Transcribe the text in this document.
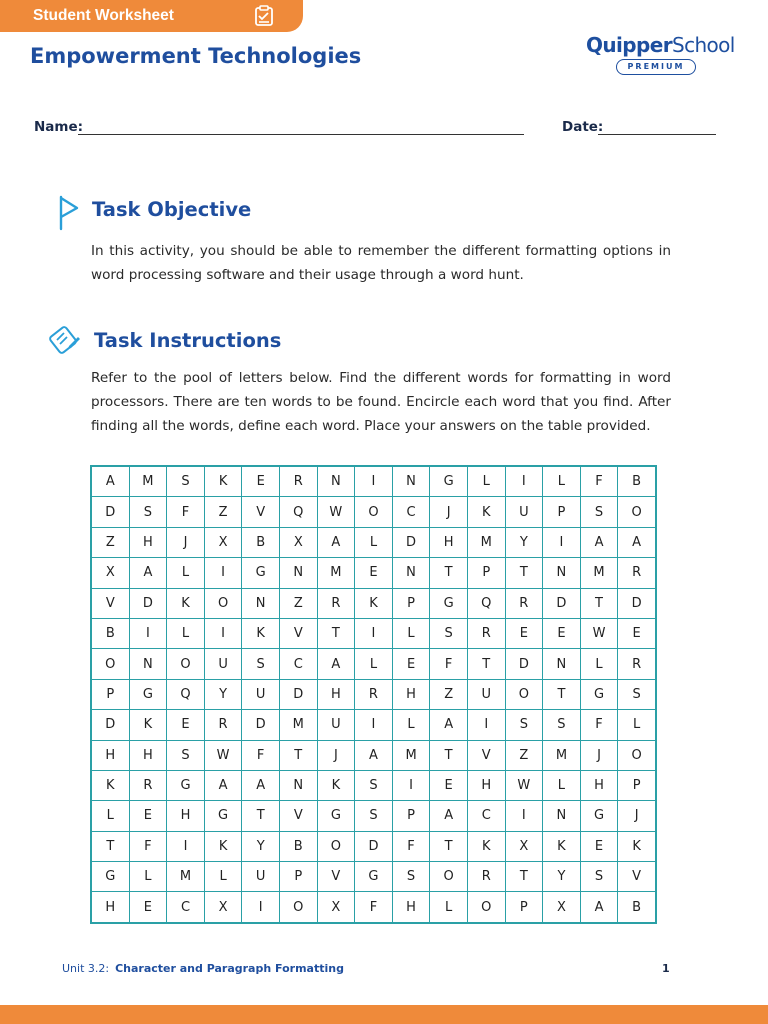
Student Worksheet
Empowerment Technologies	QuipperSchool
PREMIUM
Name:	Date:
Task Objective
In this activity, you should be able to remember the different formatting options in word processing software and their usage through a word hunt.
Task Instructions
Refer to the pool of letters below. Find the different words for formatting in word processors. There are ten words to be found. Encircle each word that you find. After finding all the words, define each word. Place your answers on the table provided.
A	M	S	K	E	R	N	I	N	G	L	I	L	F	B
D	S	F	Z	V	Q	W	O	C	J	K	U	P	S	O
Z	H	J	X	B	X	A	L	D	H	M	Y	I	A	A
X	A	L	I	G	N	M	E	N	T	P	T	N	M	R
V	D	K	O	N	Z	R	K	P	G	Q	R	D	T	D
B	I	L	I	K	V	T	I	L	S	R	E	E	W	E
O	N	O	U	S	C	A	L	E	F	T	D	N	L	R
P	G	Q	Y	U	D	H	R	H	Z	U	O	T	G	S
D	K	E	R	D	M	U	I	L	A	I	S	S	F	L
H	H	S	W	F	T	J	A	M	T	V	Z	M	J	O
K	R	G	A	A	N	K	S	I	E	H	W	L	H	P
L	E	H	G	T	V	G	S	P	A	C	I	N	G	J
T	F	I	K	Y	B	O	D	F	T	K	X	K	E	K
G	L	M	L	U	P	V	G	S	O	R	T	Y	S	V
H	E	C	X	I	O	X	F	H	L	O	P	X	A	B
Unit 3.2: Character and Paragraph Formatting	1
